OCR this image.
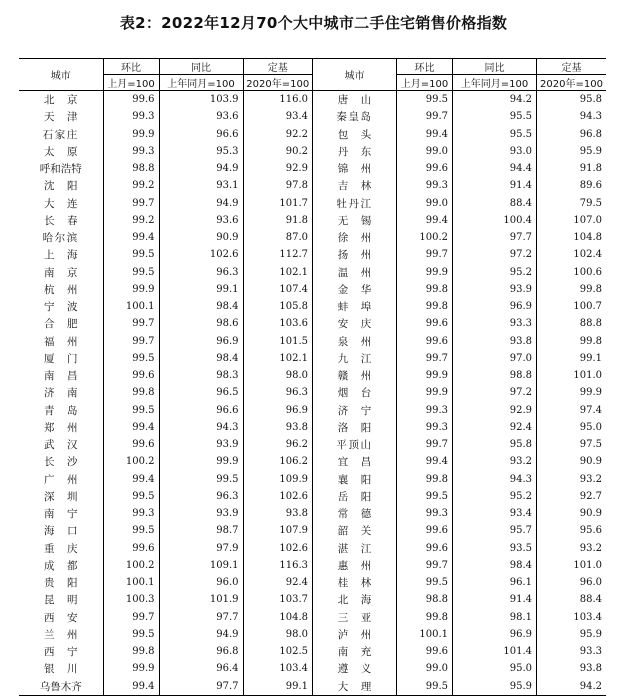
表2：2022年12月70个大中城市二手住宅销售价格指数
城市	环比	同比	定基	城市	环比	同比	定基
	上月=100	上年同月=100	2020年=100		上月=100	上年同月=100	2020年=100
北京	99.6	103.9	116.0	唐山	99.5	94.2	95.8
天津	99.3	93.6	93.4	秦皇岛	99.7	95.5	94.3
石家庄	99.9	96.6	92.2	包头	99.4	95.5	96.8
太原	99.3	95.3	90.2	丹东	99.0	93.0	95.9
呼和浩特	98.8	94.9	92.9	锦州	99.6	94.4	91.8
沈阳	99.2	93.1	97.8	吉林	99.3	91.4	89.6
大连	99.7	94.9	101.7	牡丹江	99.0	88.4	79.5
长春	99.2	93.6	91.8	无锡	99.4	100.4	107.0
哈尔滨	99.4	90.9	87.0	徐州	100.2	97.7	104.8
上海	99.5	102.6	112.7	扬州	99.7	97.2	102.4
南京	99.5	96.3	102.1	温州	99.9	95.2	100.6
杭州	99.9	99.1	107.4	金华	99.8	93.9	99.8
宁波	100.1	98.4	105.8	蚌埠	99.8	96.9	100.7
合肥	99.7	98.6	103.6	安庆	99.6	93.3	88.8
福州	99.7	96.9	101.5	泉州	99.6	93.8	99.8
厦门	99.5	98.4	102.1	九江	99.7	97.0	99.1
南昌	99.6	98.3	98.0	赣州	99.9	98.8	101.0
济南	99.8	96.5	96.3	烟台	99.9	97.2	99.9
青岛	99.5	96.6	96.9	济宁	99.3	92.9	97.4
郑州	99.4	94.3	93.8	洛阳	99.3	92.4	95.0
武汉	99.6	93.9	96.2	平顶山	99.7	95.8	97.5
长沙	100.2	99.9	106.2	宜昌	99.4	93.2	90.9
广州	99.4	99.5	109.9	襄阳	99.8	94.3	93.2
深圳	99.5	96.3	102.6	岳阳	99.5	95.2	92.7
南宁	99.3	93.9	93.8	常德	99.3	93.4	90.9
海口	99.5	98.7	107.9	韶关	99.6	95.7	95.6
重庆	99.6	97.9	102.6	湛江	99.6	93.5	93.2
成都	100.2	109.1	116.3	惠州	99.7	98.4	101.0
贵阳	100.1	96.0	92.4	桂林	99.5	96.1	96.0
昆明	100.3	101.9	103.7	北海	98.8	91.4	88.4
西安	99.7	97.7	104.8	三亚	99.8	98.1	103.4
兰州	99.5	94.9	98.0	泸州	100.1	96.9	95.9
西宁	99.8	96.8	102.5	南充	99.6	101.4	93.3
银川	99.9	96.4	103.4	遵义	99.0	95.0	93.8
乌鲁木齐	99.4	97.7	99.1	大理	99.5	95.9	94.2
